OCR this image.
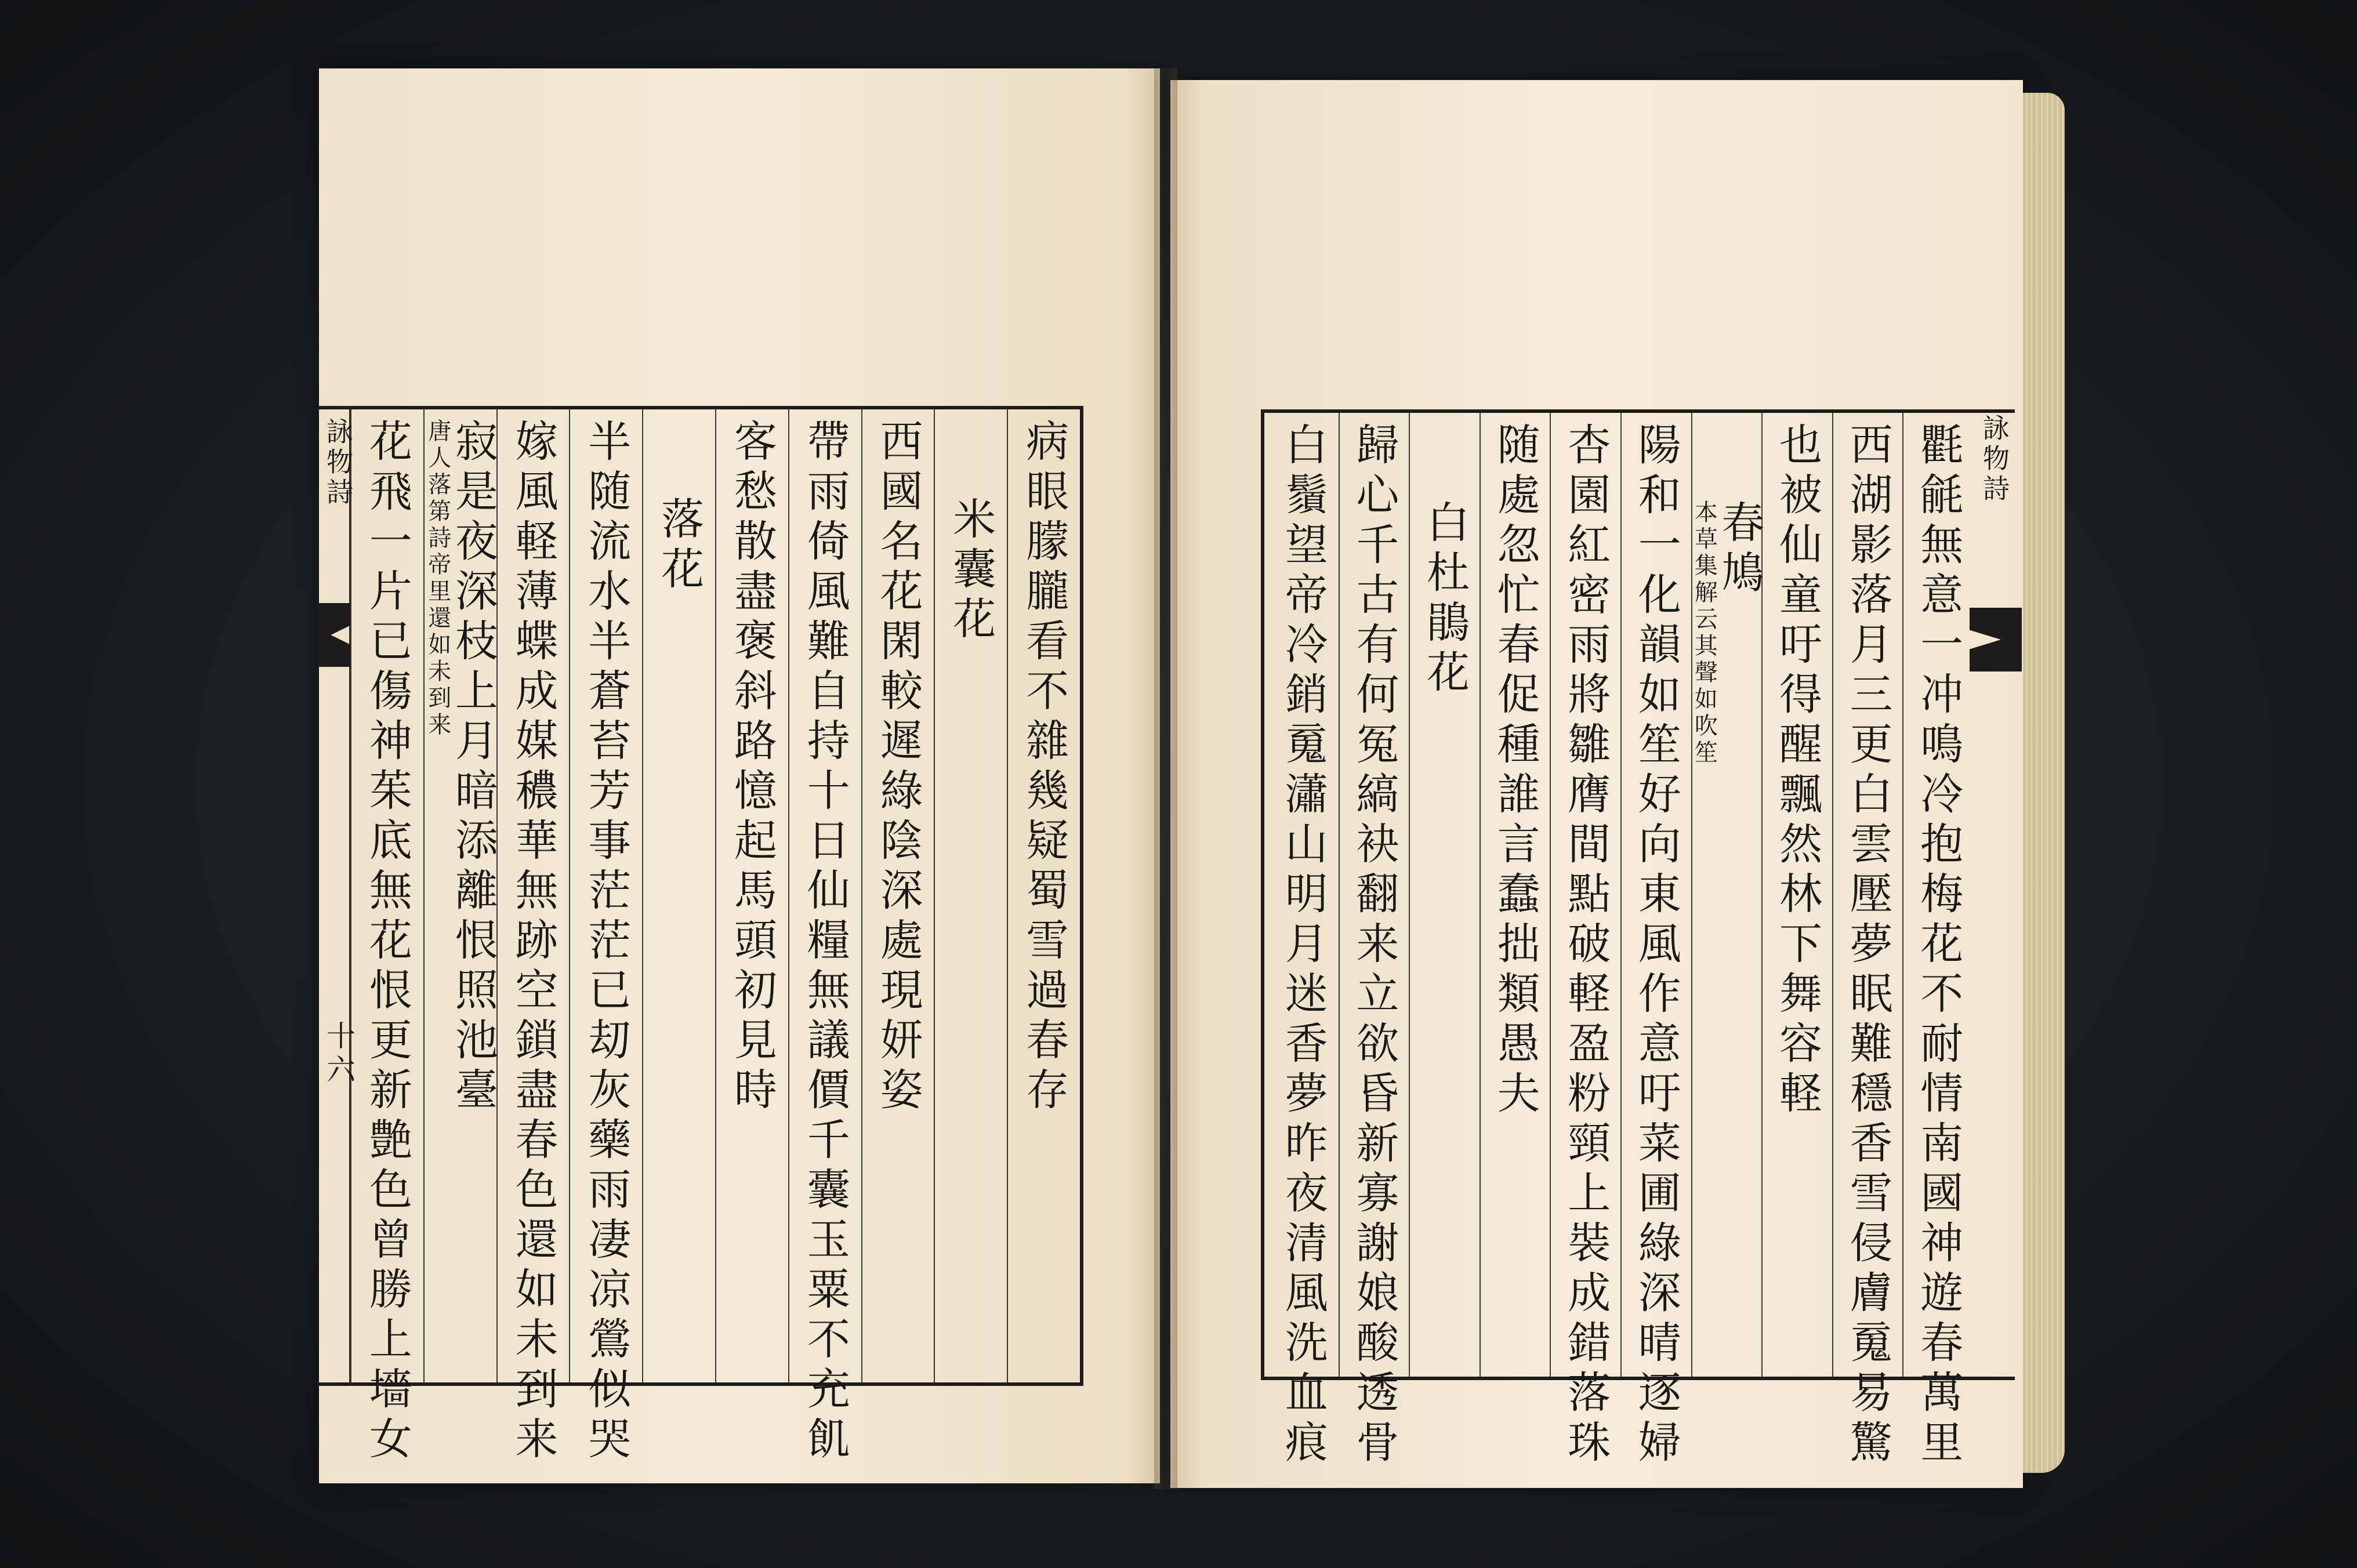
病眼朦朧看不雜幾疑蜀雪過春存
米囊花
西國名花閑較遲綠陰深處現妍姿
帶雨倚風難自持十日仙糧無議價千囊玉粟不充飢
客愁散盡褒斜路憶起馬頭初見時
落花
半随流水半蒼苔芳事茫茫已刧灰藥雨凄凉鶯似哭
嫁風軽薄蝶成媒穠華無跡空鎖盡春色還如未到来
寂是夜深枝上月暗添離恨照池臺
唐人落第詩帝里還如未到来
花飛一片已傷神茱底無花恨更新艶色曾勝上墻女
詠物詩
十六	氍毹無意一冲鳴冷抱梅花不耐情南國神遊春萬里
西湖影落月三更白雲壓夢眠難穩香雪侵膚䰟易驚
也被仙童吁得醒飄然林下舞容軽
春鳩
本草集解云其聲如吹笙
陽和一化韻如笙好向東風作意吁菜圃綠深晴逐婦
杏園紅密雨將雛膺間點破軽盈粉頸上裝成錯落珠
随處忽忙春促種誰言蠢拙類愚夫
白杜鵑花
歸心千古有何冤縞袂翻来立欲昏新寡謝娘酸透骨
白鬚望帝冷銷䰟瀟山明月迷香夢昨夜清風洗血痕	詠物詩
